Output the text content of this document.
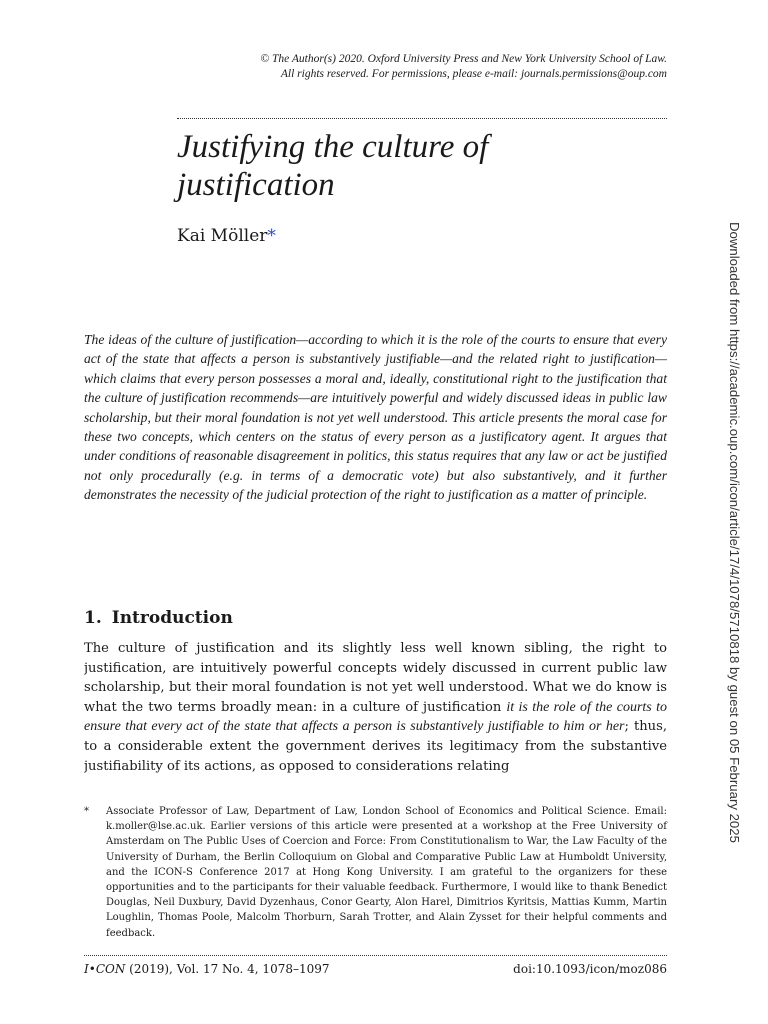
© The Author(s) 2020. Oxford University Press and New York University School of Law.
All rights reserved. For permissions, please e-mail: journals.permissions@oup.com
Justifying the culture of
justification
Kai Möller*
The ideas of the culture of justification—according to which it is the role of the courts to ensure that every act of the state that affects a person is substantively justifiable—and the related right to justification—which claims that every person possesses a moral and, ideally, constitutional right to the justification that the culture of justification recommends—are intuitively powerful and widely discussed ideas in public law scholarship, but their moral foundation is not yet well understood. This article presents the moral case for these two concepts, which centers on the status of every person as a justificatory agent. It argues that under conditions of reasonable disagreement in politics, this status requires that any law or act be justified not only procedurally (e.g. in terms of a democratic vote) but also substantively, and it further demonstrates the necessity of the judicial protection of the right to justification as a matter of principle.
1. Introduction
The culture of justification and its slightly less well known sibling, the right to justification, are intuitively powerful concepts widely discussed in current public law scholarship, but their moral foundation is not yet well understood. What we do know is what the two terms broadly mean: in a culture of justification it is the role of the courts to ensure that every act of the state that affects a person is substantively justifiable to him or her; thus, to a considerable extent the government derives its legitimacy from the substantive justifiability of its actions, as opposed to considerations relating
* Associate Professor of Law, Department of Law, London School of Economics and Political Science. Email: k.moller@lse.ac.uk. Earlier versions of this article were presented at a workshop at the Free University of Amsterdam on The Public Uses of Coercion and Force: From Constitutionalism to War, the Law Faculty of the University of Durham, the Berlin Colloquium on Global and Comparative Public Law at Humboldt University, and the ICON-S Conference 2017 at Hong Kong University. I am grateful to the organizers for these opportunities and to the participants for their valuable feedback. Furthermore, I would like to thank Benedict Douglas, Neil Duxbury, David Dyzenhaus, Conor Gearty, Alon Harel, Dimitrios Kyritsis, Mattias Kumm, Martin Loughlin, Thomas Poole, Malcolm Thorburn, Sarah Trotter, and Alain Zysset for their helpful comments and feedback.
I•CON (2019), Vol. 17 No. 4, 1078–1097	doi:10.1093/icon/moz086
Downloaded from https://academic.oup.com/icon/article/17/4/1078/5710818 by guest on 05 February 2025
